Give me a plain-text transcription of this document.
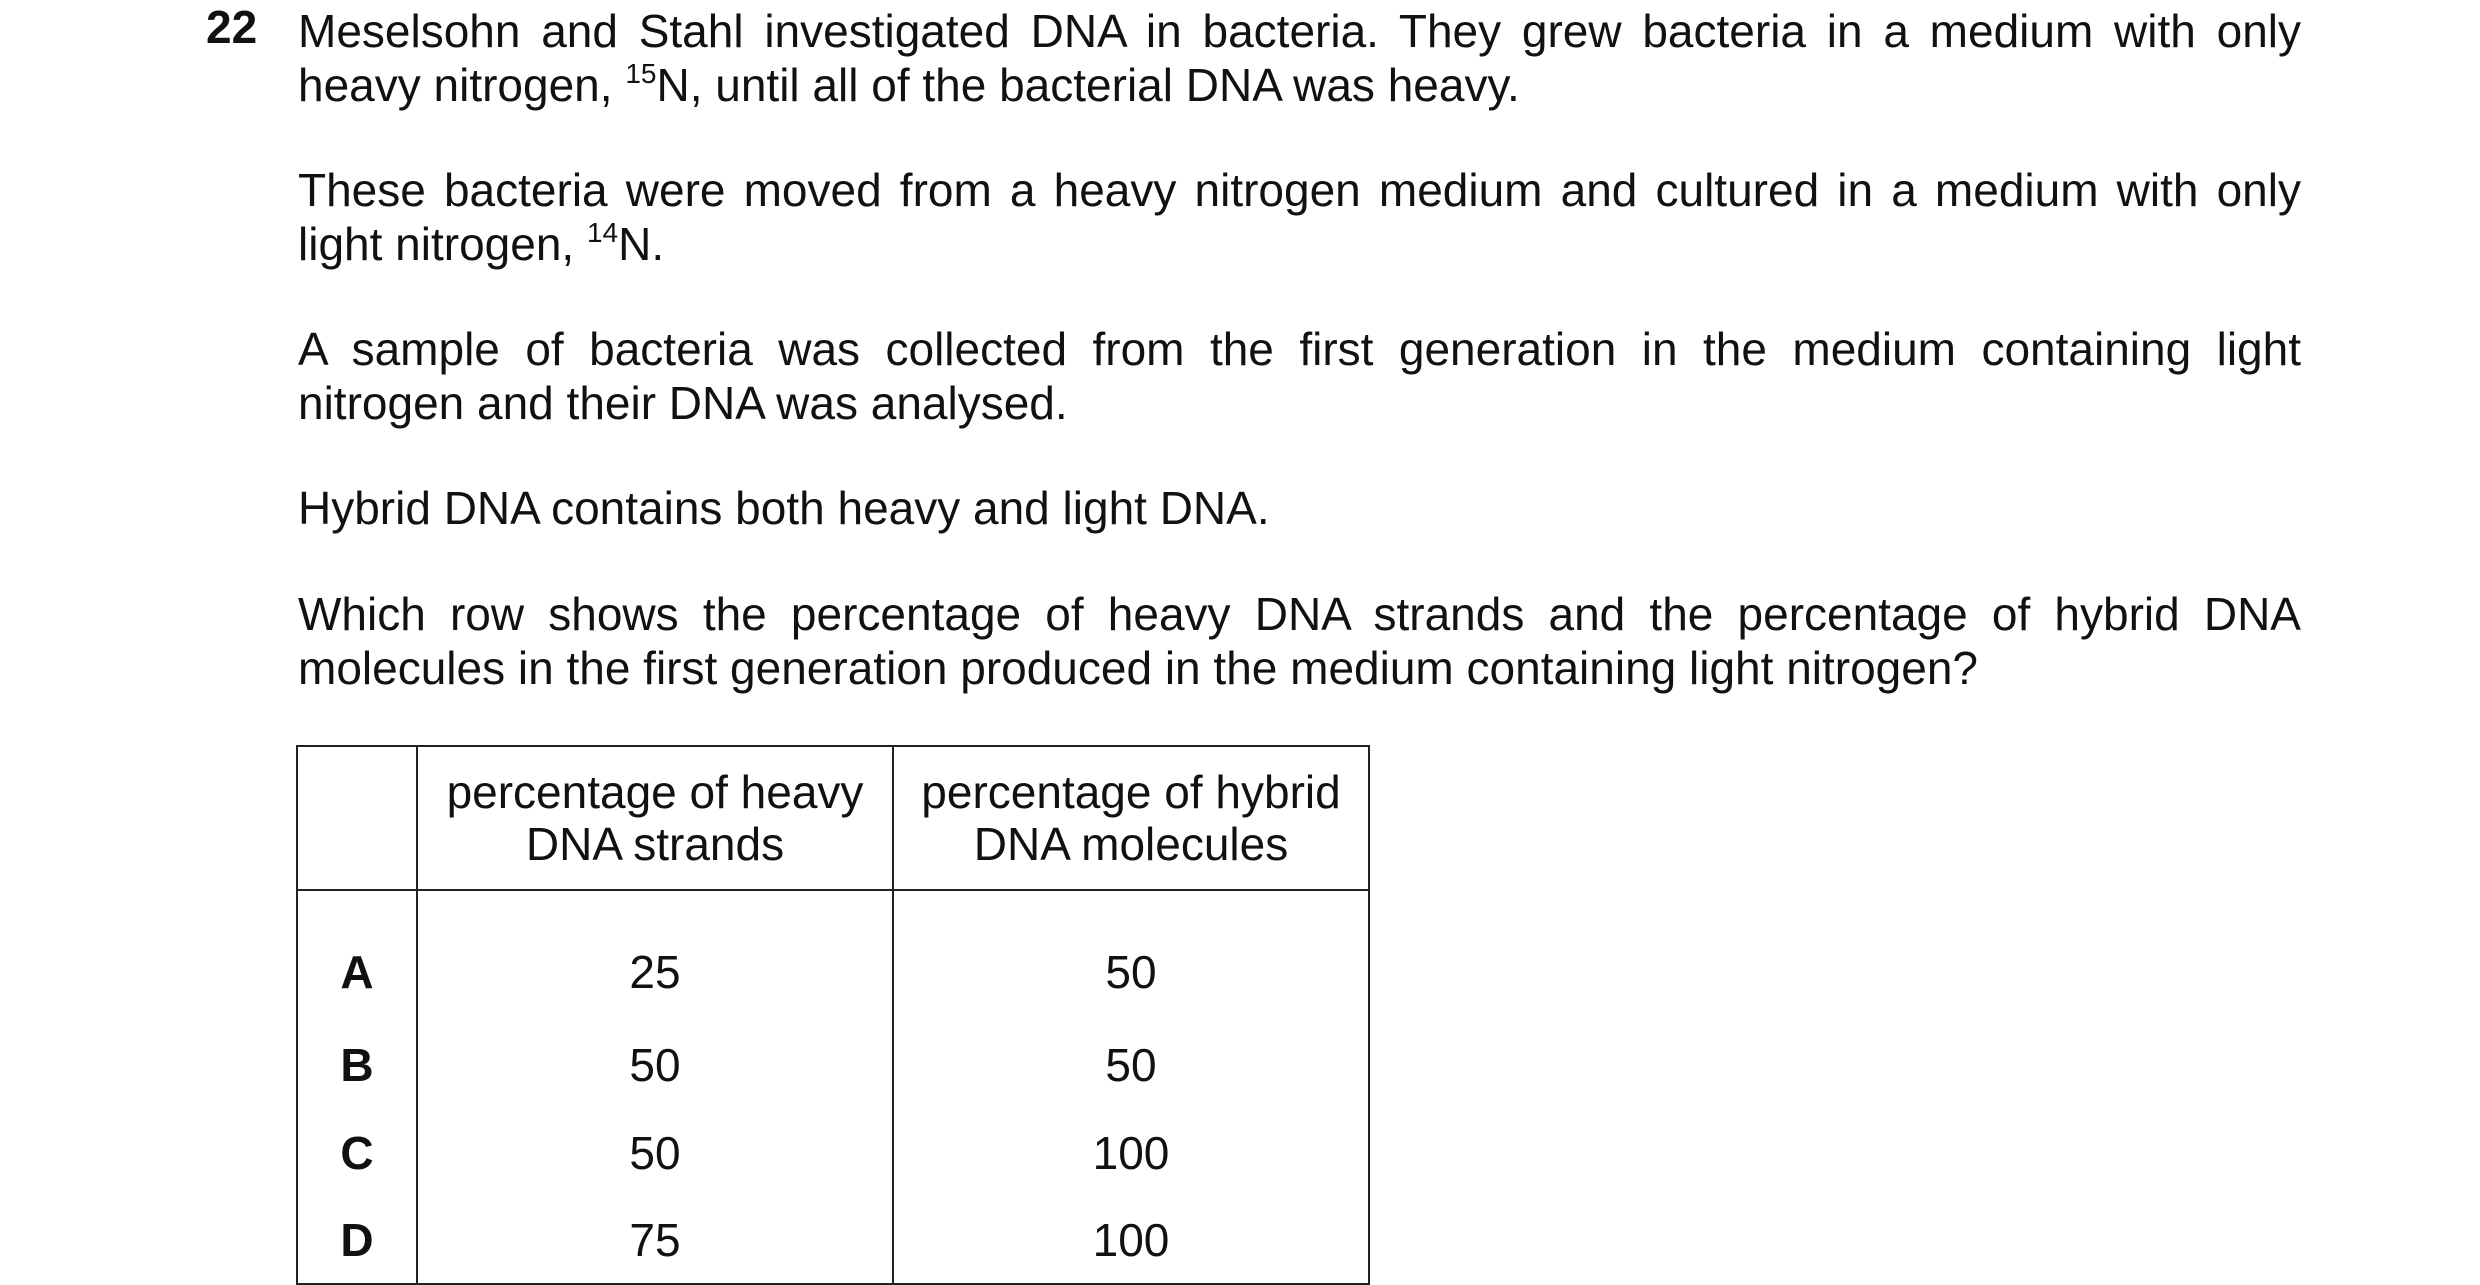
22 Meselsohn and Stahl investigated DNA in bacteria. They grew bacteria in a medium with only heavy nitrogen, $^{15}$N, until all of the bacterial DNA was heavy.

These bacteria were moved from a heavy nitrogen medium and cultured in a medium with only light nitrogen, $^{14}$N.

A sample of bacteria was collected from the first generation in the medium containing light nitrogen and their DNA was analysed.

Hybrid DNA contains both heavy and light DNA.

Which row shows the percentage of heavy DNA strands and the percentage of hybrid DNA molecules in the first generation produced in the medium containing light nitrogen?

	percentage of heavy DNA strands	percentage of hybrid DNA molecules
A	25	50
B	50	50
C	50	100
D	75	100
